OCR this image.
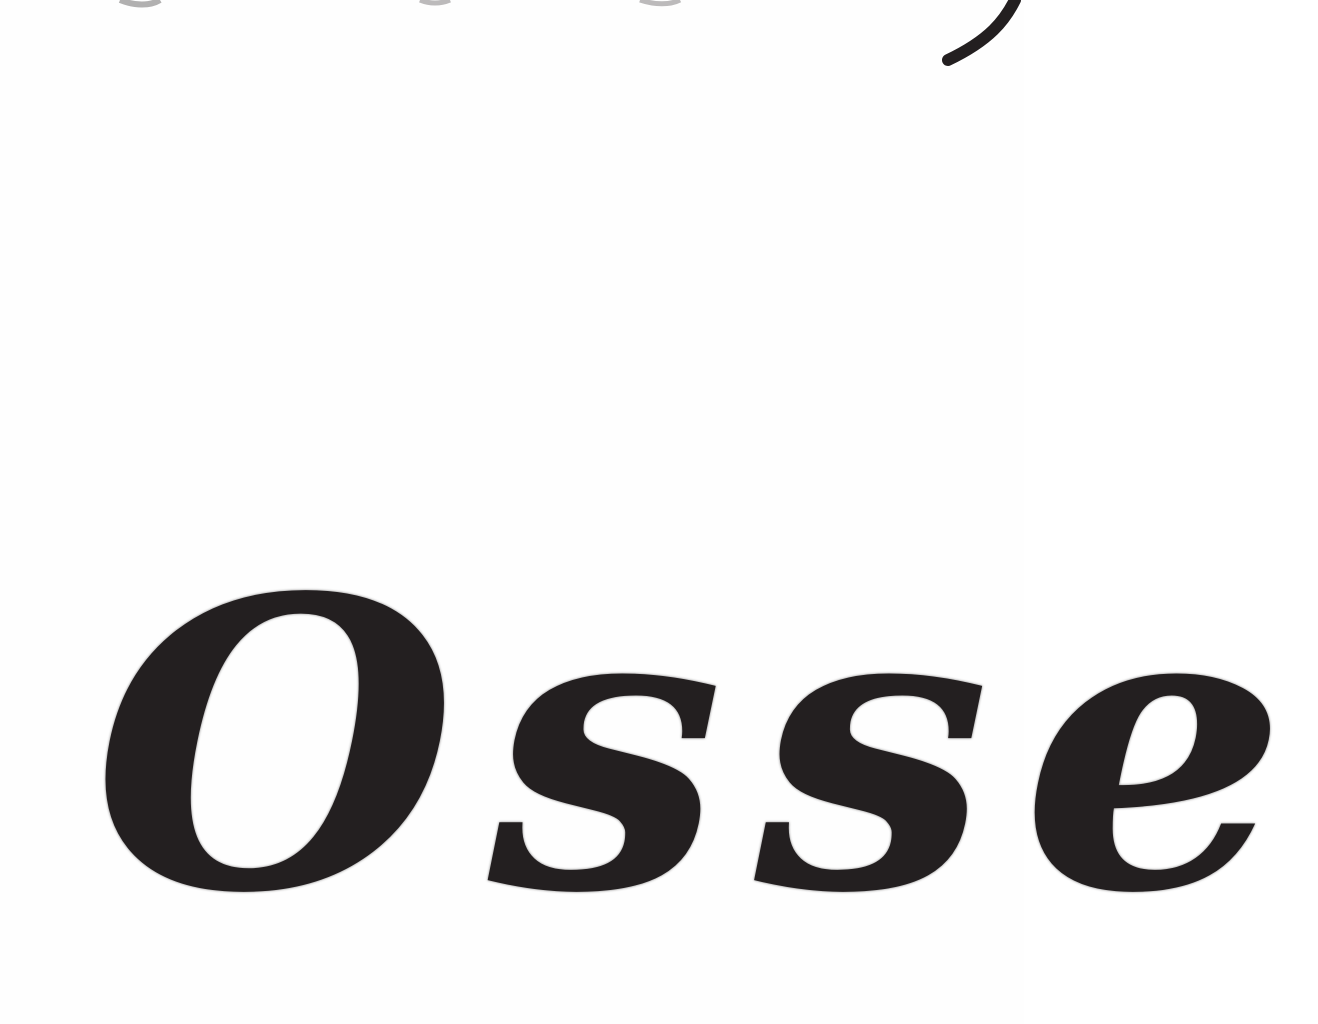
Osse
